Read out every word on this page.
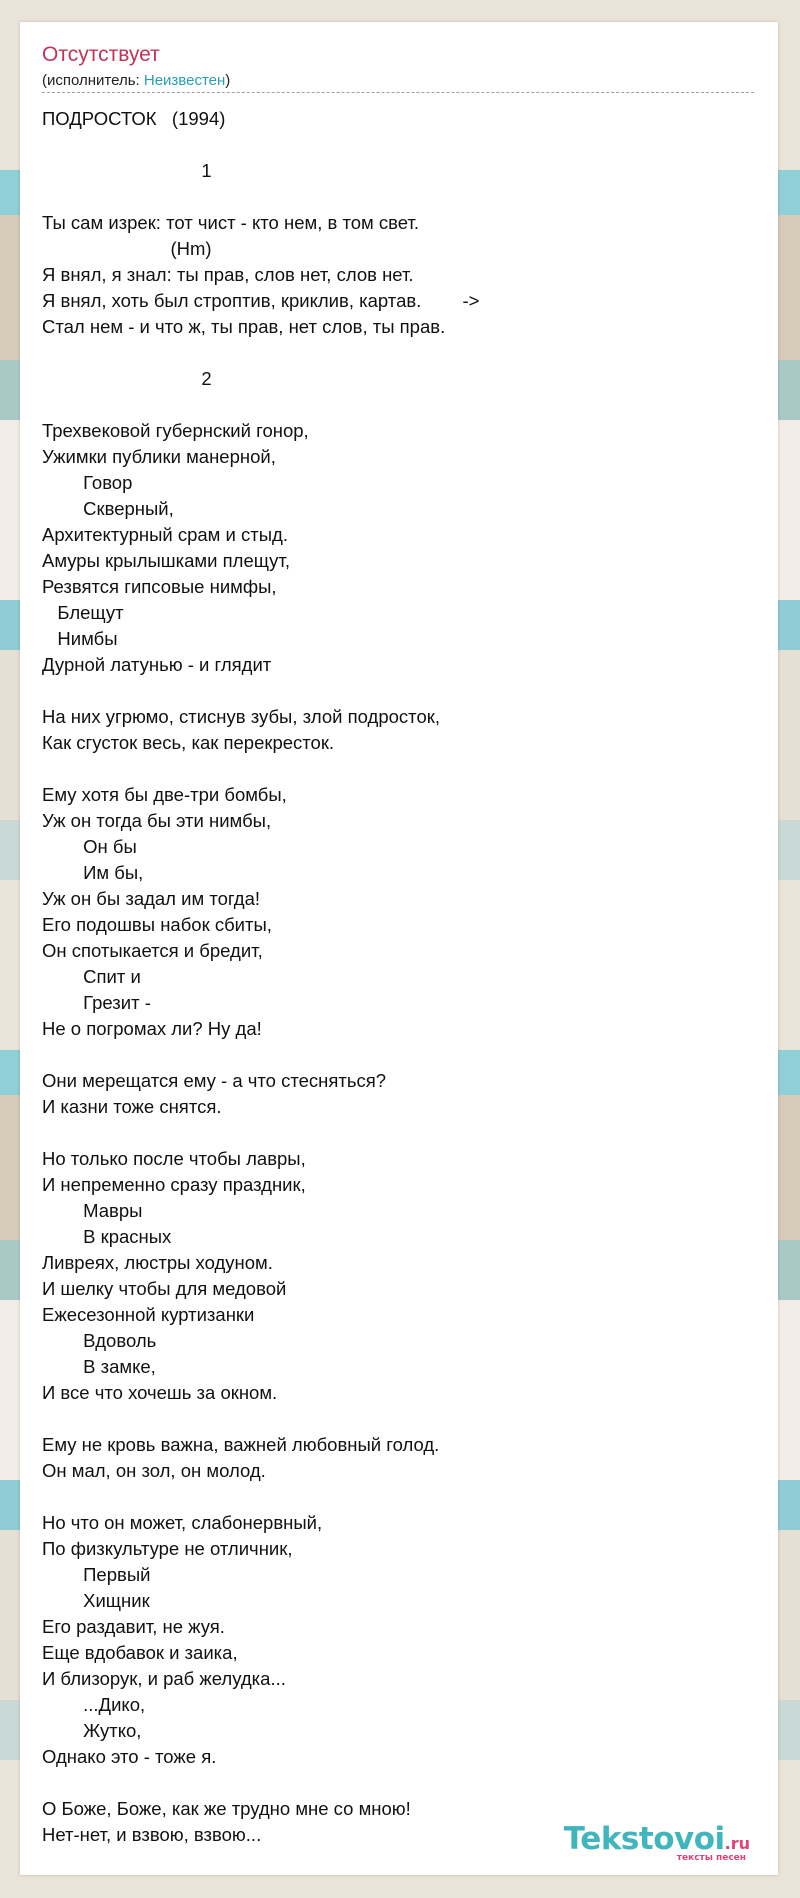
Отсутствует
(исполнитель: Неизвестен)
ПОДРОСТОК   (1994)
1
Ты сам изрек: тот чист - кто нем, в том свет.
(Hm)
Я внял, я знал: ты прав, слов нет, слов нет.
Я внял, хоть был строптив, криклив, картав.        ->
Стал нем - и что ж, ты прав, нет слов, ты прав.
2
Трехвековой губернский гонор,
Ужимки публики манерной,
Говор
Скверный,
Архитектурный срам и стыд.
Амуры крылышками плещут,
Резвятся гипсовые нимфы,
Блещут
Нимбы
Дурной латунью - и глядит
На них угрюмо, стиснув зубы, злой подросток,
Как сгусток весь, как перекресток.
Ему хотя бы две-три бомбы,
Уж он тогда бы эти нимбы,
Он бы
Им бы,
Уж он бы задал им тогда!
Его подошвы набок сбиты,
Он спотыкается и бредит,
Спит и
Грезит -
Не о погромах ли? Ну да!
Они мерещатся ему - а что стесняться?
И казни тоже снятся.
Но только после чтобы лавры,
И непременно сразу праздник,
Мавры
В красных
Ливреях, люстры ходуном.
И шелку чтобы для медовой
Ежесезонной куртизанки
Вдоволь
В замке,
И все что хочешь за окном.
Ему не кровь важна, важней любовный голод.
Он мал, он зол, он молод.
Но что он может, слабонервный,
По физкультуре не отличник,
Первый
Хищник
Его раздавит, не жуя.
Еще вдобавок и заика,
И близорук, и раб желудка...
...Дико,
Жутко,
Однако это - тоже я.
О Боже, Боже, как же трудно мне со мною!
Нет-нет, и взвою, взвою...	Tekstovoi.ru
тексты песен
